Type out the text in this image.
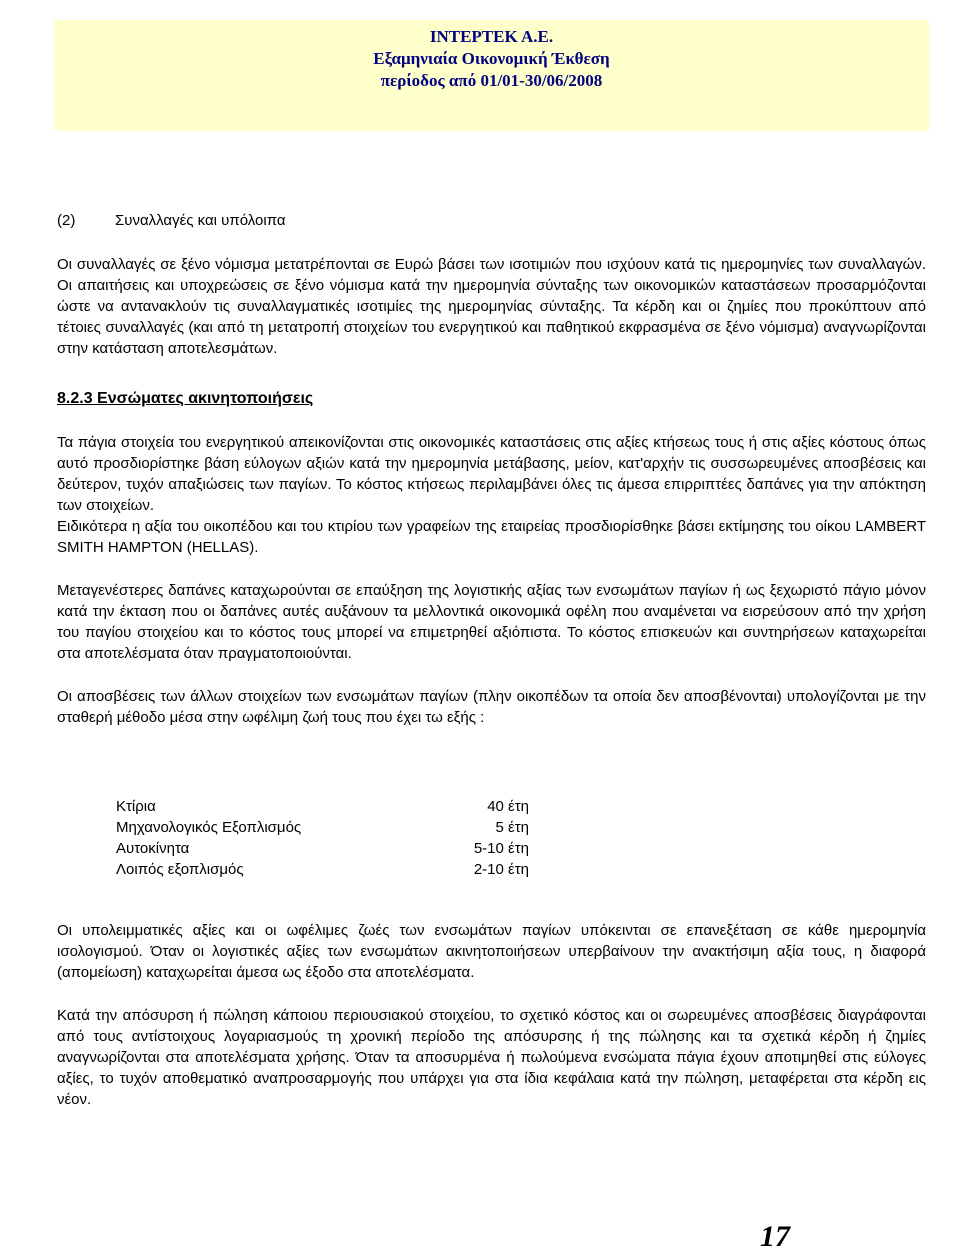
INTEPTEK A.E.
Εξαμηνιαία Οικονομική Έκθεση
περίοδος από 01/01-30/06/2008
(2)	Συναλλαγές και υπόλοιπα

Οι συναλλαγές σε ξένο νόμισμα μετατρέπονται σε Ευρώ βάσει των ισοτιμιών που ισχύουν κατά τις ημερομηνίες των συναλλαγών. Οι απαιτήσεις και υποχρεώσεις σε ξένο νόμισμα κατά την ημερομηνία σύνταξης των οικονομικών καταστάσεων προσαρμόζονται ώστε να αντανακλούν τις συναλλαγματικές ισοτιμίες της ημερομηνίας σύνταξης. Τα κέρδη και οι ζημίες που προκύπτουν από τέτοιες συναλλαγές (και από τη μετατροπή στοιχείων του ενεργητικού και παθητικού εκφρασμένα σε ξένο νόμισμα) αναγνωρίζονται στην κατάσταση αποτελεσμάτων.

8.2.3 Ενσώματες ακινητοποιήσεις

Τα πάγια στοιχεία του ενεργητικού απεικονίζονται στις οικονομικές καταστάσεις στις αξίες κτήσεως τους ή στις αξίες κόστους όπως αυτό προσδιορίστηκε βάση εύλογων αξιών κατά την ημερομηνία μετάβασης, μείον, κατ'αρχήν τις συσσωρευμένες αποσβέσεις και δεύτερον, τυχόν απαξιώσεις των παγίων. Το κόστος κτήσεως περιλαμβάνει όλες τις άμεσα επιρριπτέες δαπάνες για την απόκτηση των στοιχείων.

Ειδικότερα η αξία του οικοπέδου και του κτιρίου των γραφείων της εταιρείας προσδιορίσθηκε βάσει εκτίμησης του οίκου LAMBERT SMITH HAMPTON (HELLAS).

Μεταγενέστερες δαπάνες καταχωρούνται σε επαύξηση της λογιστικής αξίας των ενσωμάτων παγίων ή ως ξεχωριστό πάγιο μόνον κατά την έκταση που οι δαπάνες αυτές αυξάνουν τα μελλοντικά οικονομικά οφέλη που αναμένεται να εισρεύσουν από την χρήση του παγίου στοιχείου και το κόστος τους μπορεί να επιμετρηθεί αξιόπιστα. Το κόστος επισκευών και συντηρήσεων καταχωρείται στα αποτελέσματα όταν πραγματοποιούνται.

Οι αποσβέσεις των άλλων στοιχείων των ενσωμάτων παγίων (πλην οικοπέδων τα οποία δεν αποσβένονται) υπολογίζονται με την σταθερή μέθοδο μέσα στην ωφέλιμη ζωή τους που έχει τω εξής :

Κτίρια	40 έτη
Μηχανολογικός Εξοπλισμός	5 έτη
Αυτοκίνητα	5-10 έτη
Λοιπός εξοπλισμός	2-10 έτη

Οι υπολειμματικές αξίες και οι ωφέλιμες ζωές των ενσωμάτων παγίων υπόκεινται σε επανεξέταση σε κάθε ημερομηνία ισολογισμού. Όταν οι λογιστικές αξίες των ενσωμάτων ακινητοποιήσεων υπερβαίνουν την ανακτήσιμη αξία τους, η διαφορά (απομείωση) καταχωρείται άμεσα ως έξοδο στα αποτελέσματα.

Κατά την απόσυρση ή πώληση κάποιου περιουσιακού στοιχείου, το σχετικό κόστος και οι σωρευμένες αποσβέσεις διαγράφονται από τους αντίστοιχους λογαριασμούς τη χρονική περίοδο της απόσυρσης ή της πώλησης και τα σχετικά κέρδη ή ζημίες αναγνωρίζονται στα αποτελέσματα χρήσης. Όταν τα αποσυρμένα ή πωλούμενα ενσώματα πάγια έχουν αποτιμηθεί στις εύλογες αξίες, το τυχόν αποθεματικό αναπροσαρμογής που υπάρχει για στα ίδια κεφάλαια κατά την πώληση, μεταφέρεται στα κέρδη εις νέον.

17
